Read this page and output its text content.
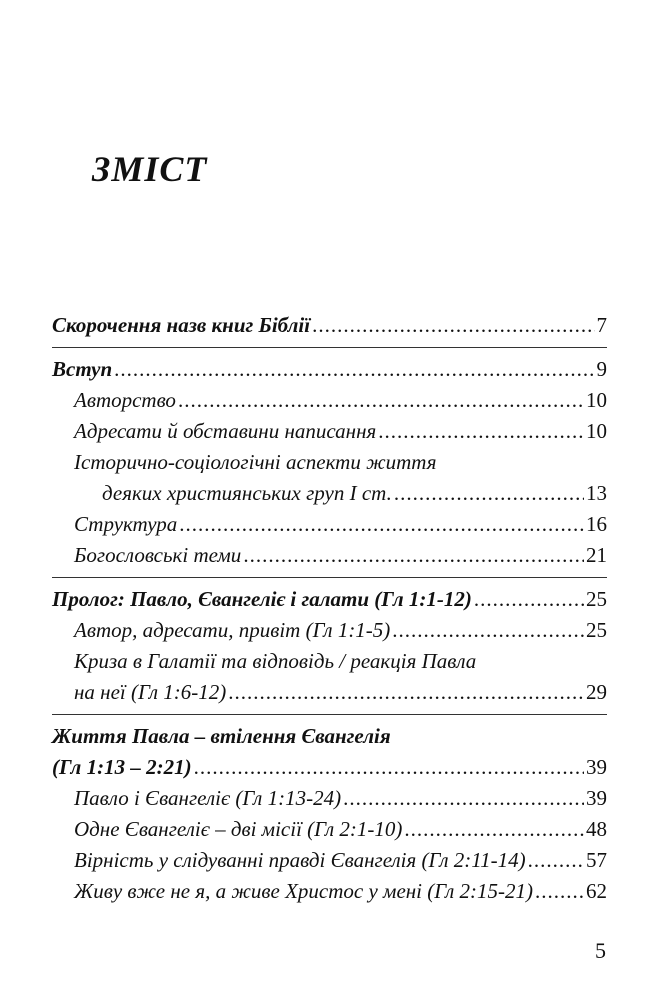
ЗМІСТ
Скорочення назв книг Біблії .....	7
Вступ .....	9
Авторство .....	10
Адресати й обставини написання .....	10
Історично-соціологічні аспекти життя
деяких християнських груп I ст. .....	13
Структура .....	16
Богословські теми .....	21
Пролог: Павло, Євангеліє і галати (Гл 1:1-12) .....	25
Автор, адресати, привіт (Гл 1:1-5) .....	25
Криза в Галатії та відповідь / реакція Павла
на неї (Гл 1:6-12) .....	29
Життя Павла – втілення Євангелія
(Гл 1:13 – 2:21) .....	39
Павло і Євангеліє (Гл 1:13-24) .....	39
Одне Євангеліє – дві місії (Гл 2:1-10) .....	48
Вірність у слідуванні правді Євангелія (Гл 2:11-14) .....	57
Живу вже не я, а живе Христос у мені (Гл 2:15-21) .....	62
5
